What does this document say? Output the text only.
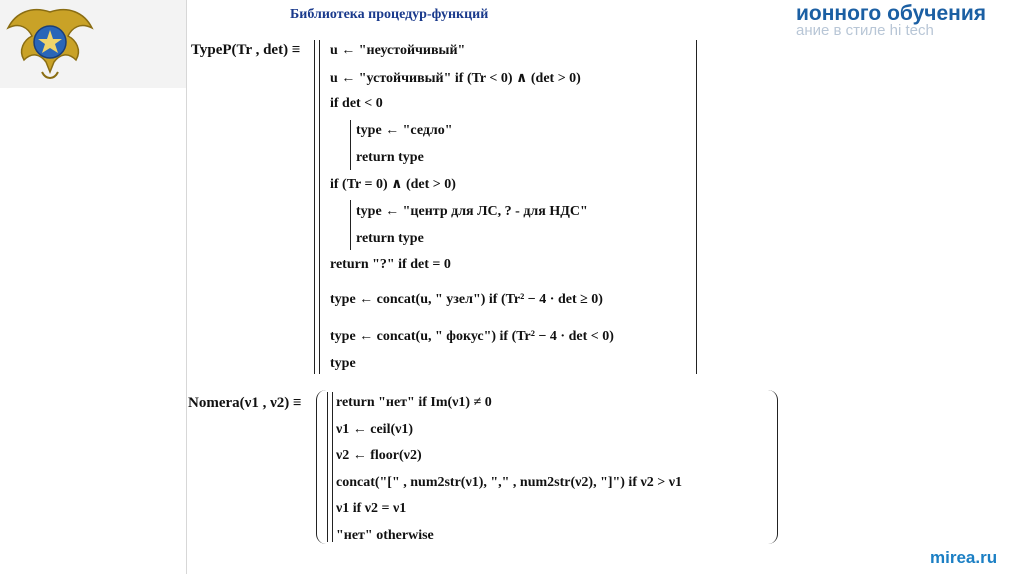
ионного обучения
ание в стиле hi tech
Библиотека процедур-функций
TypeP(Tr , det) ≡ u ← "неустойчивый"
u ← "устойчивый" if (Tr < 0) ∧ (det > 0)
if det < 0
type ← "седло"
return type
if (Tr = 0) ∧ (det > 0)
type ← "центр для ЛС, ? - для НДС"
return type
return "?" if det = 0
type ← concat(u, " узел") if (Tr² − 4 · det ≥ 0)
type ← concat(u, " фокус") if (Tr² − 4 · det < 0)
type
Nomera(ν1 , ν2) ≡ return "нет" if Im(ν1) ≠ 0
ν1 ← ceil(ν1)
ν2 ← floor(ν2)
concat("[" , num2str(ν1), "," , num2str(ν2), "]") if ν2 > ν1
ν1 if ν2 = ν1
"нет" otherwise
mirea.ru
